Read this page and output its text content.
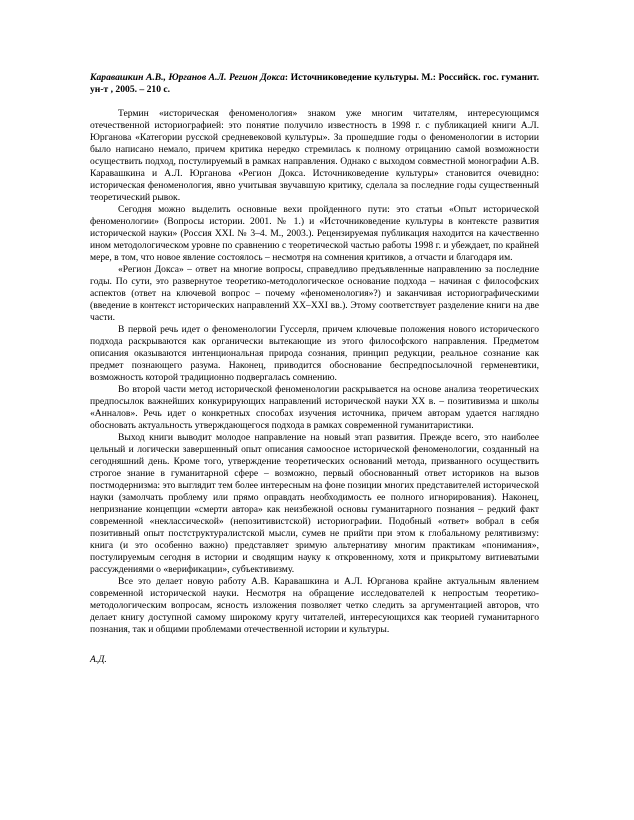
Каравашкин А.В., Юрганов А.Л. Регион Докса: Источниковедение культуры. М.: Российск. гос. гуманит. ун-т , 2005. – 210 с.

Термин «историческая феноменология» знаком уже многим читателям, интересующимся отечественной историографией: это понятие получило известность в 1998 г. с публикацией книги А.Л. Юрганова «Категории русской средневековой культуры». За прошедшие годы о феноменологии в истории было написано немало, причем критика нередко стремилась к полному отрицанию самой возможности осуществить подход, постулируемый в рамках направления. Однако с выходом совместной монографии А.В. Каравашкина и А.Л. Юрганова «Регион Докса. Источниковедение культуры» становится очевидно: историческая феноменология, явно учитывая звучавшую критику, сделала за последние годы существенный теоретический рывок.

Сегодня можно выделить основные вехи пройденного пути: это статьи «Опыт исторической феноменологии» (Вопросы истории. 2001. № 1.) и «Источниковедение культуры в контексте развития исторической науки» (Россия XXI. № 3–4. М., 2003.). Рецензируемая публикация находится на качественно ином методологическом уровне по сравнению с теоретической частью работы 1998 г. и убеждает, по крайней мере, в том, что новое явление состоялось – несмотря на сомнения критиков, а отчасти и благодаря им.

«Регион Докса» – ответ на многие вопросы, справедливо предъявленные направлению за последние годы. По сути, это развернутое теоретико-методологическое основание подхода – начиная с философских аспектов (ответ на ключевой вопрос – почему «феноменология»?) и заканчивая историографическими (введение в контекст исторических направлений XX–XXI вв.). Этому соответствует разделение книги на две части.

В первой речь идет о феноменологии Гуссерля, причем ключевые положения нового исторического подхода раскрываются как органически вытекающие из этого философского направления. Предметом описания оказываются интенциональная природа сознания, принцип редукции, реальное сознание как предмет познающего разума. Наконец, приводится обоснование беспредпосылочной герменевтики, возможность которой традиционно подвергалась сомнению.

Во второй части метод исторической феноменологии раскрывается на основе анализа теоретических предпосылок важнейших конкурирующих направлений исторической науки XX в. – позитивизма и школы «Анналов». Речь идет о конкретных способах изучения источника, причем авторам удается наглядно обосновать актуальность утверждающегося подхода в рамках современной гуманитаристики.

Выход книги выводит молодое направление на новый этап развития. Прежде всего, это наиболее цельный и логически завершенный опыт описания самоосное исторической феноменологии, созданный на сегодняшний день. Кроме того, утверждение теоретических оснований метода, призванного осуществить строгое знание в гуманитарной сфере – возможно, первый обоснованный ответ историков на вызов постмодернизма: это выглядит тем более интересным на фоне позиции многих представителей исторической науки (замолчать проблему или прямо оправдать необходимость ее полного игнорирования). Наконец, непризнание концепции «смерти автора» как неизбежной основы гуманитарного познания – редкий факт современной «неклассической» (непозитивистской) историографии. Подобный «ответ» вобрал в себя позитивный опыт постструктуралистской мысли, сумев не прийти при этом к глобальному релятивизму: книга (и это особенно важно) представляет зримую альтернативу многим практикам «понимания», постулируемым сегодня в истории и сводящим науку к откровенному, хотя и прикрытому витиеватыми рассуждениями о «верификации», субъективизму.

Все это делает новую работу А.В. Каравашкина и А.Л. Юрганова крайне актуальным явлением современной исторической науки. Несмотря на обращение исследователей к непростым теоретико-методологическим вопросам, ясность изложения позволяет четко следить за аргументацией авторов, что делает книгу доступной самому широкому кругу читателей, интересующихся как теорией гуманитарного познания, так и общими проблемами отечественной истории и культуры.

А.Д.
